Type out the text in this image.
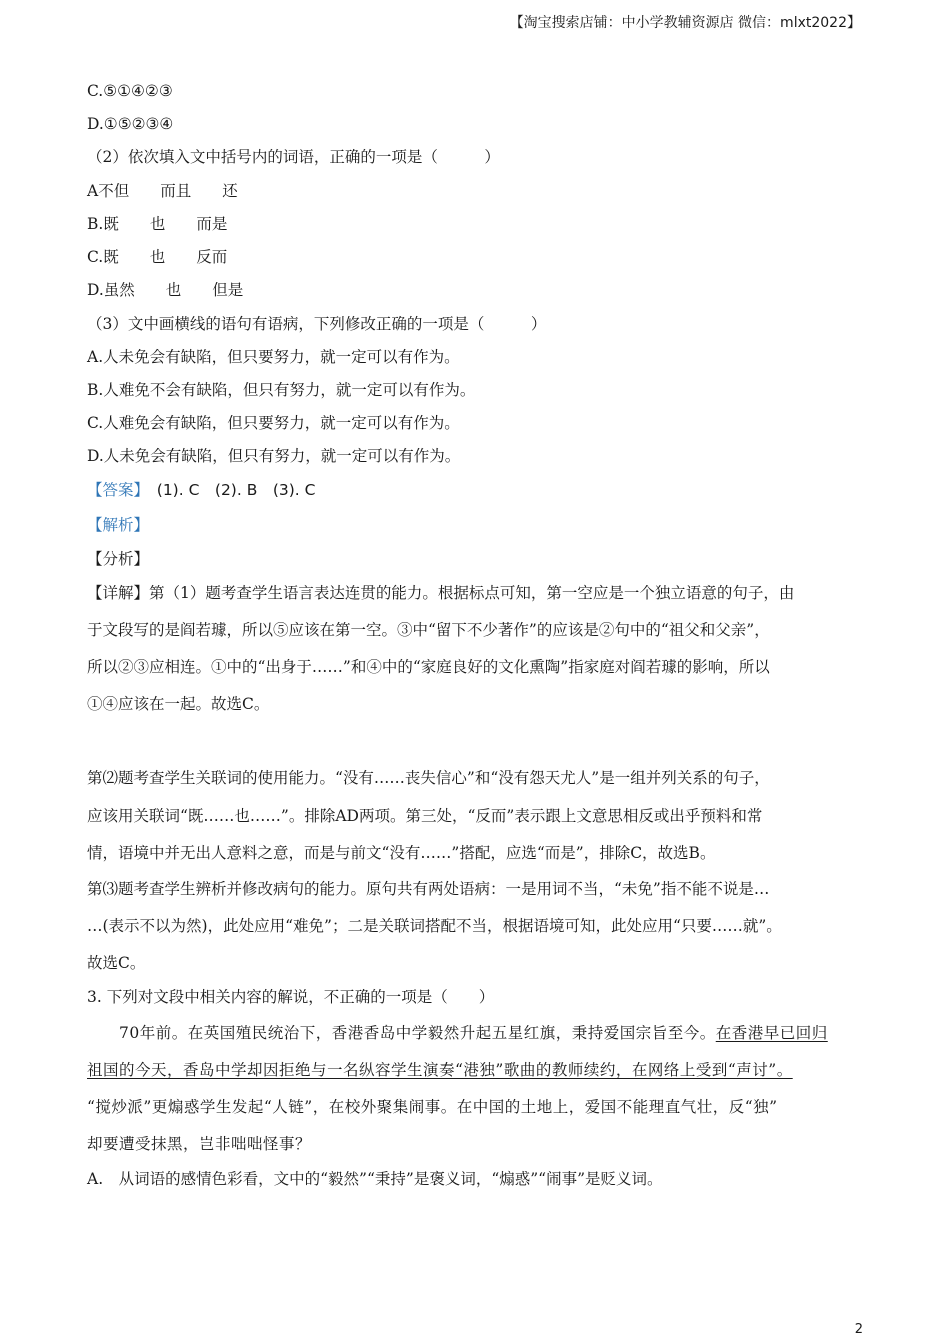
【淘宝搜索店铺：中小学教辅资源店 微信：mlxt2022】
C.⑤①④②③
D.①⑤②③④
（2）依次填入文中括号内的词语，正确的一项是（　　　）
A不但　　而且　　还
B.既　　也　　而是
C.既　　也　　反而
D.虽然　　也　　但是
（3）文中画横线的语句有语病，下列修改正确的一项是（　　　）
A.人未免会有缺陷，但只要努力，就一定可以有作为。
B.人难免不会有缺陷，但只有努力，就一定可以有作为。
C.人难免会有缺陷，但只要努力，就一定可以有作为。
D.人未免会有缺陷，但只有努力，就一定可以有作为。
【答案】　(1). C　(2). B　(3). C
【解析】
【分析】
【详解】第（1）题考查学生语言表达连贯的能力。根据标点可知，第一空应是一个独立语意的句子，由
于文段写的是阎若璩，所以⑤应该在第一空。③中“留下不少著作”的应该是②句中的“祖父和父亲”，
所以②③应相连。①中的“出身于……”和④中的“家庭良好的文化熏陶”指家庭对阎若璩的影响，所以
①④应该在一起。故选C。
第⑵题考查学生关联词的使用能力。“没有……丧失信心”和“没有怨天尤人”是一组并列关系的句子，
应该用关联词“既……也……”。排除AD两项。第三处，“反而”表示跟上文意思相反或出乎预料和常
情，语境中并无出人意料之意，而是与前文“没有……”搭配，应选“而是”，排除C，故选B。
第⑶题考查学生辨析并修改病句的能力。原句共有两处语病：一是用词不当，“未免”指不能不说是…
…(表示不以为然)，此处应用“难免”；二是关联词搭配不当，根据语境可知，此处应用“只要……就”。
故选C。
3. 下列对文段中相关内容的解说，不正确的一项是（　　）
　　70年前。在英国殖民统治下，香港香岛中学毅然升起五星红旗，秉持爱国宗旨至今。在香港早已回归
祖国的今天，香岛中学却因拒绝与一名纵容学生演奏“港独”歌曲的教师续约，在网络上受到“声讨”。
“搅炒派”更煽惑学生发起“人链”，在校外聚集闹事。在中国的土地上，爱国不能理直气壮，反“独”
却要遭受抹黑，岂非咄咄怪事？
A.　从词语的感情色彩看，文中的“毅然”“秉持”是褒义词，“煽惑”“闹事”是贬义词。
2
